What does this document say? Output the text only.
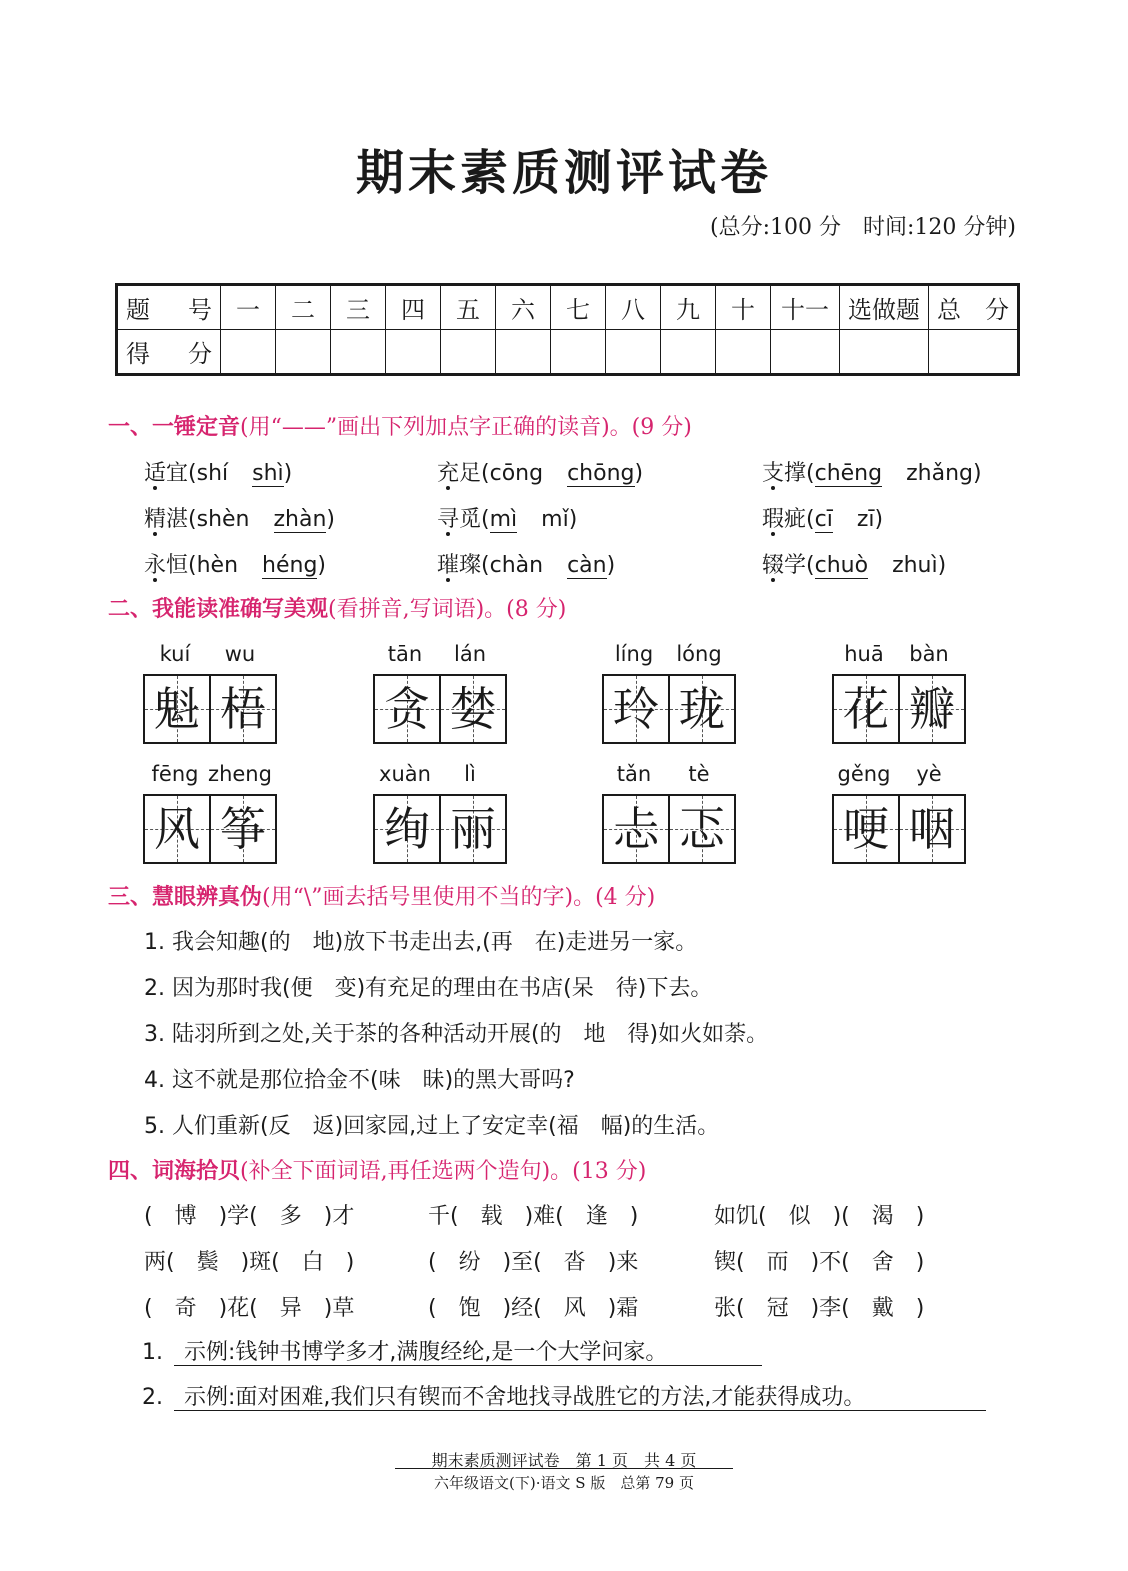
期末素质测评试卷
(总分:100 分　时间:120 分钟)
题　号	一	二	三	四	五	六	七	八	九	十	十一	选做题	总　分
得　分													
一、一锤定音(用“——”画出下列加点字正确的读音)。(9 分)
适宜(shí shì)	充足(cōng chōng)	支撑(chēng zhǎng)
精湛(shèn zhàn)	寻觅(mì mǐ)	瑕疵(cī zī)
永恒(hèn héng)	璀璨(chàn càn)	辍学(chuò zhuì)
二、我能读准确写美观(看拼音,写词语)。(8 分)
kuí	wu
魁 梧
tān	lán
贪 婪
líng	lóng
玲 珑
huā	bàn
花 瓣
fēng zheng
风 筝
xuàn	lì
绚 丽
tǎn	tè
忐 忑
gěng	yè
哽 咽
三、慧眼辨真伪(用“\”画去括号里使用不当的字)。(4 分)
1. 我会知趣(的　地)放下书走出去,(再　在)走进另一家。
2. 因为那时我(便　变)有充足的理由在书店(呆　待)下去。
3. 陆羽所到之处,关于茶的各种活动开展(的　地　得)如火如荼。
4. 这不就是那位拾金不(味　昧)的黑大哥吗?
5. 人们重新(反　返)回家园,过上了安定幸(福　幅)的生活。
四、词海拾贝(补全下面词语,再任选两个造句)。(13 分)
(　博　)学(　多　)才	千(　载　)难(　逢　)	如饥(　似　)(　渴　)
两(　鬓　)斑(　白　)	(　纷　)至(　沓　)来	锲(　而　)不(　舍　)
(　奇　)花(　异　)草	(　饱　)经(　风　)霜	张(　冠　)李(　戴　)
1. 示例:钱钟书博学多才,满腹经纶,是一个大学问家。
2. 示例:面对困难,我们只有锲而不舍地找寻战胜它的方法,才能获得成功。
期末素质测评试卷　第 1 页　共 4 页
六年级语文(下)·语文 S 版　总第 79 页
